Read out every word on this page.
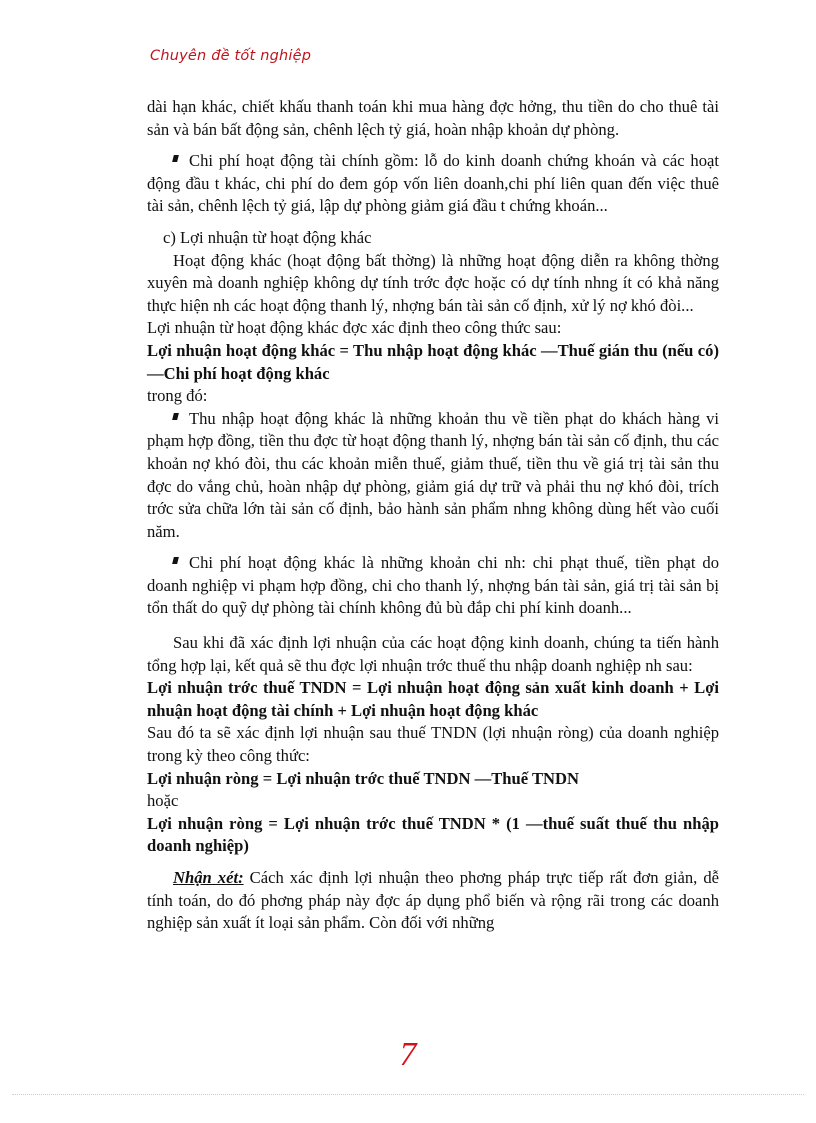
Chuyên đề tốt nghiệp

dài hạn khác, chiết khấu thanh toán khi mua hàng đợc hởng, thu tiền do cho thuê tài sản và bán bất động sản, chênh lệch tỷ giá, hoàn nhập khoản dự phòng.

Chi phí hoạt động tài chính gồm: lỗ do kinh doanh chứng khoán và các hoạt động đầu t khác, chi phí do đem góp vốn liên doanh,chi phí liên quan đến việc thuê tài sản, chênh lệch tỷ giá, lập dự phòng giảm giá đầu t chứng khoán...

c) Lợi nhuận từ hoạt động khác

Hoạt động khác (hoạt động bất thờng) là những hoạt động diễn ra không thờng xuyên mà doanh nghiệp không dự tính trớc đợc hoặc có dự tính nhng ít có khả năng thực hiện nh các hoạt động thanh lý, nhợng bán tài sản cố định, xử lý nợ khó đòi...

Lợi nhuận từ hoạt động khác đợc xác định theo công thức sau:

Lợi nhuận hoạt động khác = Thu nhập hoạt động khác —Thuế gián thu (nếu có) —Chi phí hoạt động khác

trong đó:

Thu nhập hoạt động khác là những khoản thu về tiền phạt do khách hàng vi phạm hợp đồng, tiền thu đợc từ hoạt động thanh lý, nhợng bán tài sản cố định, thu các khoản nợ khó đòi, thu các khoản miễn thuế, giảm thuế, tiền thu về giá trị tài sản thu đợc do vắng chủ, hoàn nhập dự phòng, giảm giá dự trữ và phải thu nợ khó đòi, trích trớc sửa chữa lớn tài sản cố định, bảo hành sản phẩm nhng không dùng hết vào cuối năm.

Chi phí hoạt động khác là những khoản chi nh: chi phạt thuế, tiền phạt do doanh nghiệp vi phạm hợp đồng, chi cho thanh lý, nhợng bán tài sản, giá trị tài sản bị tổn thất do quỹ dự phòng tài chính không đủ bù đắp chi phí kinh doanh...

Sau khi đã xác định lợi nhuận của các hoạt động kinh doanh, chúng ta tiến hành tổng hợp lại, kết quả sẽ thu đợc lợi nhuận trớc thuế thu nhập doanh nghiệp nh sau:

Lợi nhuận trớc thuế TNDN = Lợi nhuận hoạt động sản xuất kinh doanh + Lợi nhuận hoạt động tài chính + Lợi nhuận hoạt động khác

Sau đó ta sẽ xác định lợi nhuận sau thuế TNDN (lợi nhuận ròng) của doanh nghiệp trong kỳ theo công thức:

Lợi nhuận ròng = Lợi nhuận trớc thuế TNDN —Thuế TNDN

hoặc

Lợi nhuận ròng = Lợi nhuận trớc thuế TNDN * (1 —thuế suất thuế thu nhập doanh nghiệp)

Nhận xét: Cách xác định lợi nhuận theo phơng pháp trực tiếp rất đơn giản, dễ tính toán, do đó phơng pháp này đợc áp dụng phổ biến và rộng rãi trong các doanh nghiệp sản xuất ít loại sản phẩm. Còn đối với những

7
